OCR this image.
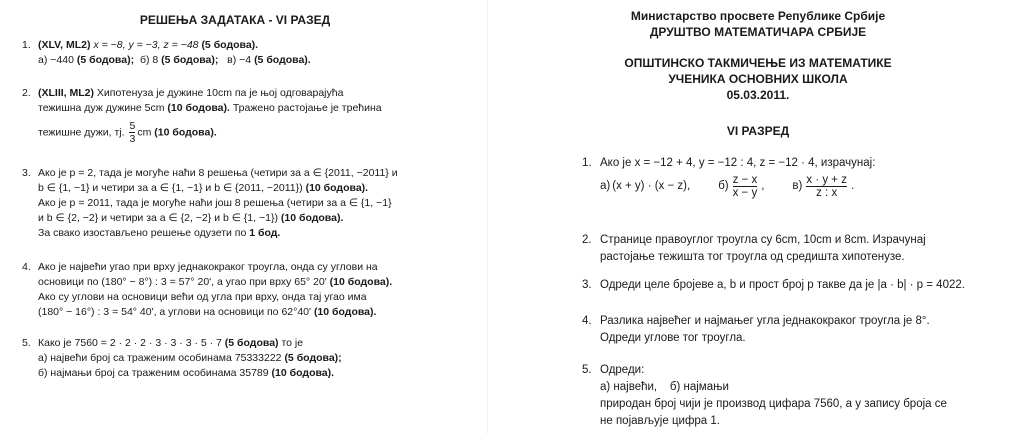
РЕШЕЊА ЗАДАТАКА - VI РАЗЕД
1. (XLV, ML2) x = −8, y = −3, z = −48 (5 бодова).
а) −440 (5 бодова); б) 8 (5 бодова); в) −4 (5 бодова).
2. (XLIII, ML2) Хипотенуза је дужине 10cm па је њој одговарајућа
тежишна дуж дужине 5cm (10 бодова). Тражено растојање је трећина
тежишне дужи, тј. $\frac{5}{3}$ cm (10 бодова).
3. Ако је p = 2, тада је могуће наћи 8 решења (четири за a ∈ {2011, −2011} и
b ∈ {1, −1} и четири за a ∈ {1, −1} и b ∈ {2011, −2011}) (10 бодова).
Ако је p = 2011, тада је могуће наћи још 8 решења (четири за a ∈ {1, −1}
и b ∈ {2, −2} и четири за a ∈ {2, −2} и b ∈ {1, −1}) (10 бодова).
За свако изостављено решење одузети по 1 бод.
4. Ако је највећи угао при врху једнакокраког троугла, онда су углови на
основици по (180° − 8°) : 3 = 57° 20', а угао при врху 65° 20' (10 бодова).
Ако су углови на основици већи од угла при врху, онда тај угао има
(180° − 16°) : 3 = 54° 40', а углови на основици по 62°40' (10 бодова).
5. Како је 7560 = 2 · 2 · 2 · 3 · 3 · 3 · 5 · 7 (5 бодова) то је
а) највећи број са траженим особинама 75333222 (5 бодова);
б) најмањи број са траженим особинама 35789 (10 бодова).
Министарство просвете Републике Србије
ДРУШТВО МАТЕМАТИЧАРА СРБИЈЕ
ОПШТИНСКО ТАКМИЧЕЊЕ ИЗ МАТЕМАТИКЕ
УЧЕНИКА ОСНОВНИХ ШКОЛА
05.03.2011.
VI РАЗРЕД
1. Ако је x = −12 + 4, y = −12 : 4, z = −12 · 4, израчунај:
а) (x + y) · (x − z), $б) \frac{z - x}{x - y}$ , $в) \frac{x \cdot y + z}{z : x}$ .
2. Странице правоуглог троугла су 6cm, 10cm и 8cm. Израчунај
растојање тежишта тог троугла од средишта хипотенузе.
3. Одреди целе бројеве a, b и прост број p такве да је |a · b| · p = 4022.
4. Разлика највећег и најмањег угла једнакокраког троугла је 8°.
Одреди углове тог троугла.
5. Одреди:
а) највећи,    б) најмањи
природан број чији је производ цифара 7560, а у запису броја се
не појављује цифра 1.
